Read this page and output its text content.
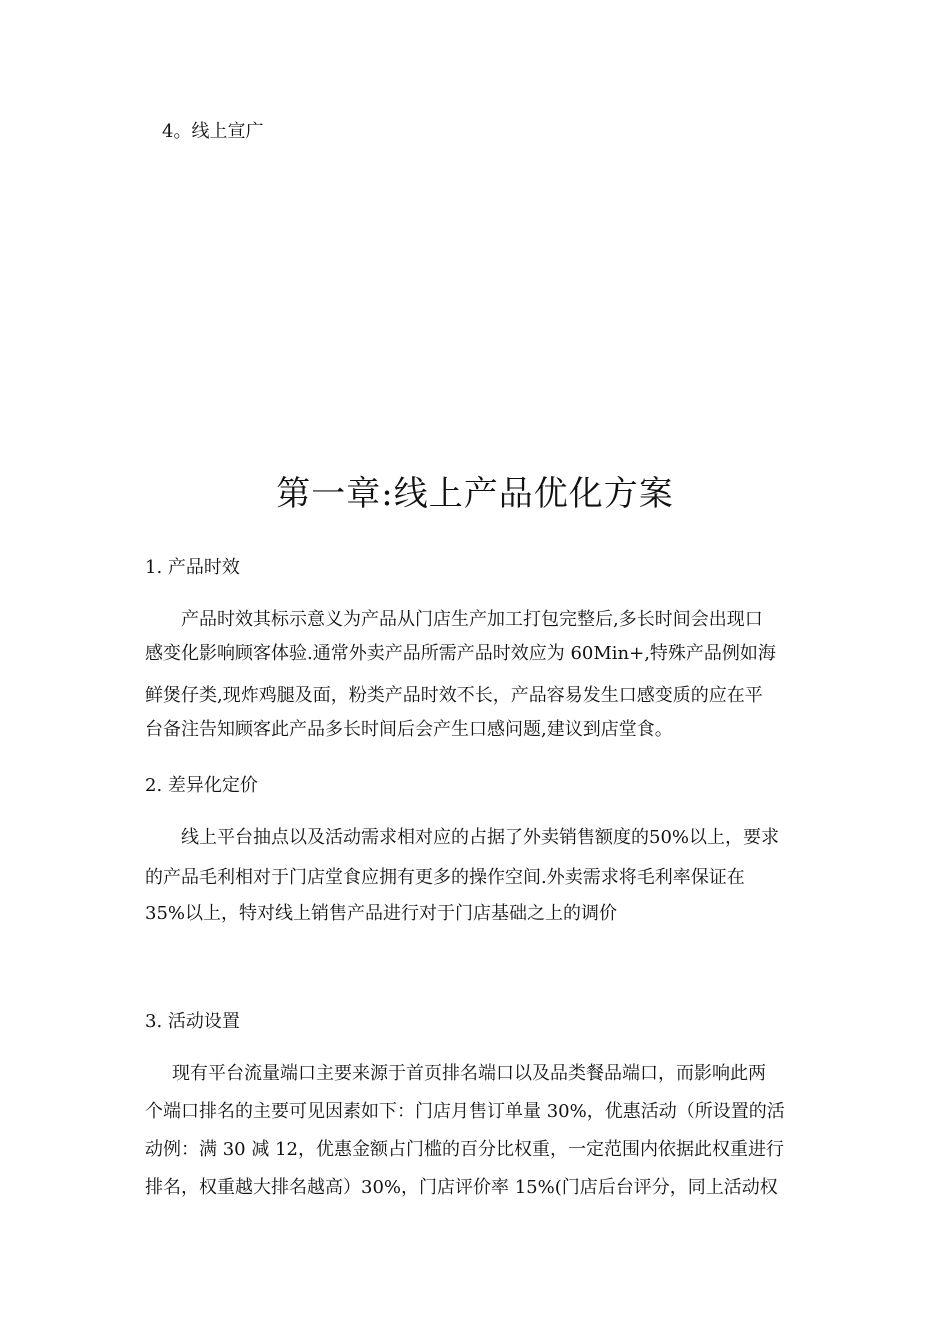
4。线上宣广
第一章:线上产品优化方案
1. 产品时效
产品时效其标示意义为产品从门店生产加工打包完整后,多长时间会出现口
感变化影响顾客体验.通常外卖产品所需产品时效应为 60Min+,特殊产品例如海
鲜煲仔类,现炸鸡腿及面，粉类产品时效不长，产品容易发生口感变质的应在平
台备注告知顾客此产品多长时间后会产生口感问题,建议到店堂食。
2. 差异化定价
线上平台抽点以及活动需求相对应的占据了外卖销售额度的50%以上，要求
的产品毛利相对于门店堂食应拥有更多的操作空间.外卖需求将毛利率保证在
35%以上，特对线上销售产品进行对于门店基础之上的调价
3. 活动设置
现有平台流量端口主要来源于首页排名端口以及品类餐品端口，而影响此两
个端口排名的主要可见因素如下：门店月售订单量 30%，优惠活动（所设置的活
动例：满 30 减 12，优惠金额占门槛的百分比权重，一定范围内依据此权重进行
排名，权重越大排名越高）30%，门店评价率 15%(门店后台评分，同上活动权
